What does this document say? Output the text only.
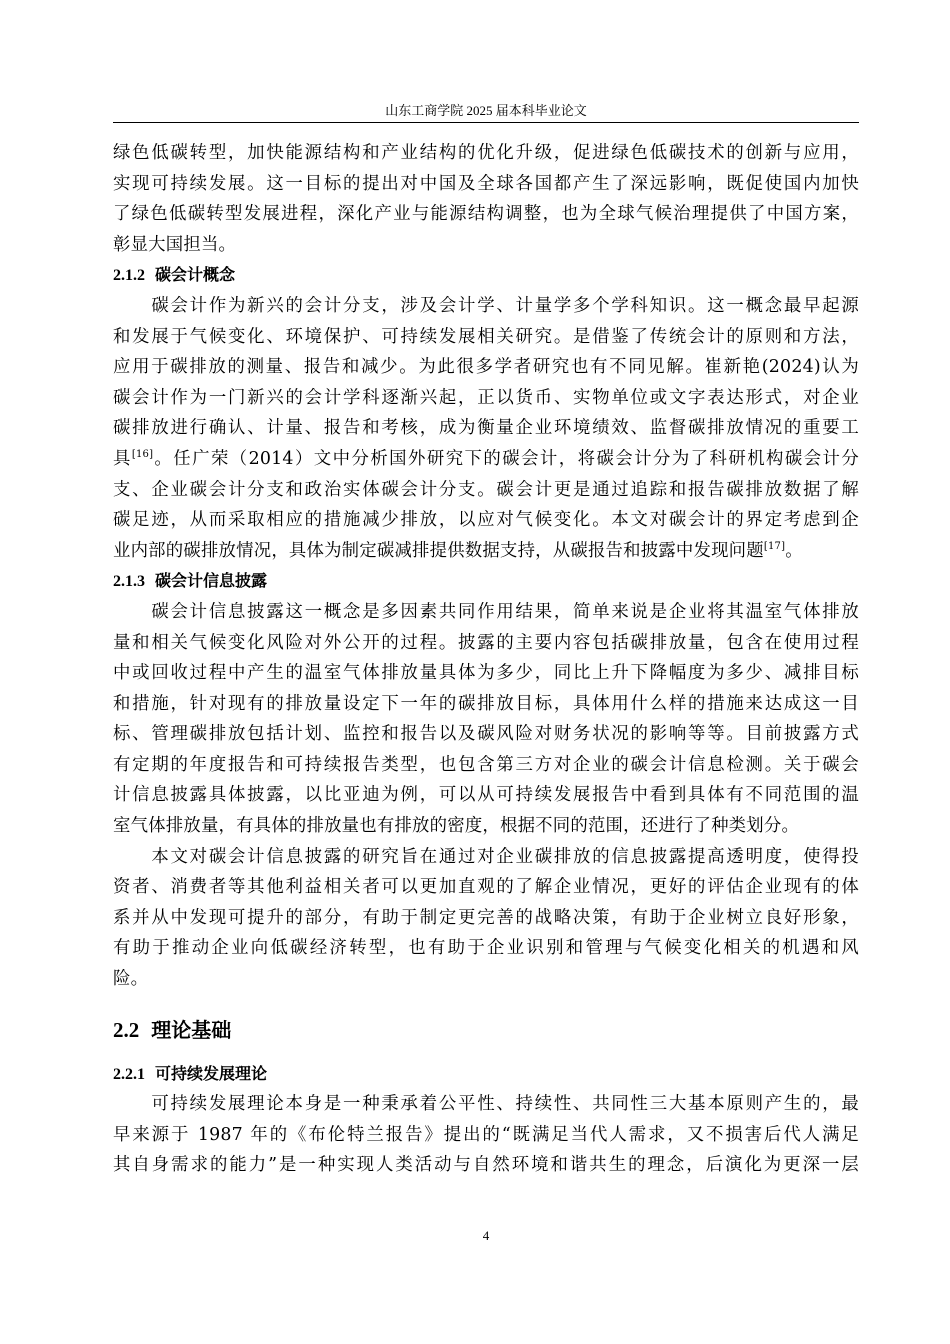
山东工商学院 2025 届本科毕业论文

绿色低碳转型，加快能源结构和产业结构的优化升级，促进绿色低碳技术的创新与应用，
实现可持续发展。这一目标的提出对中国及全球各国都产生了深远影响，既促使国内加快
了绿色低碳转型发展进程，深化产业与能源结构调整，也为全球气候治理提供了中国方案，
彰显大国担当。

2.1.2 碳会计概念

　　碳会计作为新兴的会计分支，涉及会计学、计量学多个学科知识。这一概念最早起源
和发展于气候变化、环境保护、可持续发展相关研究。是借鉴了传统会计的原则和方法，
应用于碳排放的测量、报告和减少。为此很多学者研究也有不同见解。崔新艳(2024)认为
碳会计作为一门新兴的会计学科逐渐兴起，正以货币、实物单位或文字表达形式，对企业
碳排放进行确认、计量、报告和考核，成为衡量企业环境绩效、监督碳排放情况的重要工
具[16]。任广荣（2014）文中分析国外研究下的碳会计，将碳会计分为了科研机构碳会计分
支、企业碳会计分支和政治实体碳会计分支。碳会计更是通过追踪和报告碳排放数据了解
碳足迹，从而采取相应的措施减少排放，以应对气候变化。本文对碳会计的界定考虑到企
业内部的碳排放情况，具体为制定碳减排提供数据支持，从碳报告和披露中发现问题[17]。

2.1.3 碳会计信息披露

　　碳会计信息披露这一概念是多因素共同作用结果，简单来说是企业将其温室气体排放
量和相关气候变化风险对外公开的过程。披露的主要内容包括碳排放量，包含在使用过程
中或回收过程中产生的温室气体排放量具体为多少，同比上升下降幅度为多少、减排目标
和措施，针对现有的排放量设定下一年的碳排放目标，具体用什么样的措施来达成这一目
标、管理碳排放包括计划、监控和报告以及碳风险对财务状况的影响等等。目前披露方式
有定期的年度报告和可持续报告类型，也包含第三方对企业的碳会计信息检测。关于碳会
计信息披露具体披露，以比亚迪为例，可以从可持续发展报告中看到具体有不同范围的温
室气体排放量，有具体的排放量也有排放的密度，根据不同的范围，还进行了种类划分。

　　本文对碳会计信息披露的研究旨在通过对企业碳排放的信息披露提高透明度，使得投
资者、消费者等其他利益相关者可以更加直观的了解企业情况，更好的评估企业现有的体
系并从中发现可提升的部分，有助于制定更完善的战略决策，有助于企业树立良好形象，
有助于推动企业向低碳经济转型，也有助于企业识别和管理与气候变化相关的机遇和风
险。

2.2 理论基础
2.2.1 可持续发展理论

　　可持续发展理论本身是一种秉承着公平性、持续性、共同性三大基本原则产生的，最
早来源于 1987 年的《布伦特兰报告》提出的“既满足当代人需求，又不损害后代人满足
其自身需求的能力”是一种实现人类活动与自然环境和谐共生的理念，后演化为更深一层

4
